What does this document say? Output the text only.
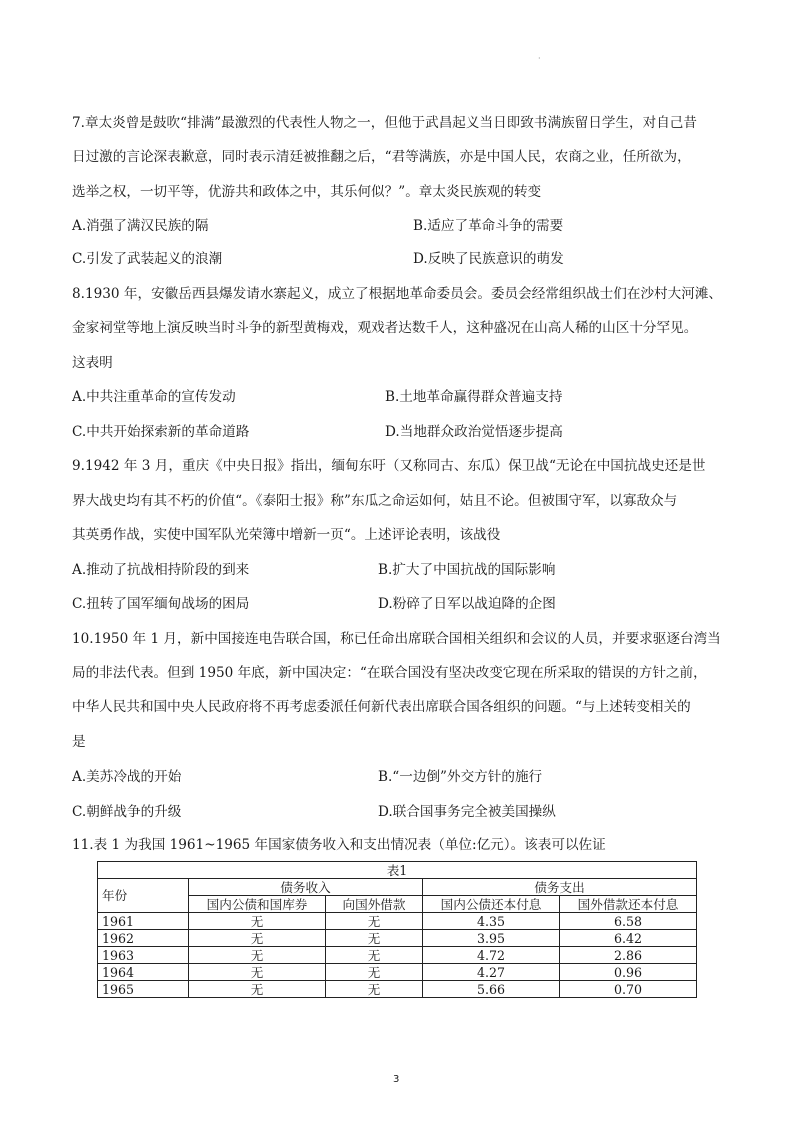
·
7.章太炎曾是鼓吹“排满”最激烈的代表性人物之一，但他于武昌起义当日即致书满族留日学生，对自己昔
日过激的言论深表歉意，同时表示清廷被推翻之后，“君等满族，亦是中国人民，农商之业，任所欲为，
选举之权，一切平等，优游共和政体之中，其乐何似？”。章太炎民族观的转变
A.消强了满汉民族的隔	B.适应了革命斗争的需要
C.引发了武装起义的浪潮	D.反映了民族意识的萌发
8.1930 年，安徽岳西县爆发请水寨起义，成立了根据地革命委员会。委员会经常组织战士们在沙村大河滩、
金家祠堂等地上演反映当时斗争的新型黄梅戏，观戏者达数千人，这种盛况在山高人稀的山区十分罕见。
这表明
A.中共注重革命的宣传发动	B.土地革命赢得群众普遍支持
C.中共开始探索新的革命道路	D.当地群众政治觉悟逐步提高
9.1942 年 3 月，重庆《中央日报》指出，缅甸东吁（又称同古、东瓜）保卫战“无论在中国抗战史还是世
界大战史均有其不朽的价值“。《泰阳士报》称”东瓜之命运如何，姑且不论。但被围守军，以寡敌众与
其英勇作战，实使中国军队光荣簿中增新一页“。上述评论表明，该战役
A.推动了抗战相持阶段的到来	B.扩大了中国抗战的国际影响
C.扭转了国军缅甸战场的困局	D.粉碎了日军以战迫降的企图
10.1950 年 1 月，新中国接连电告联合国，称已任命出席联合国相关组织和会议的人员，并要求驱逐台湾当
局的非法代表。但到 1950 年底，新中国决定：“在联合国没有坚决改变它现在所采取的错误的方针之前，
中华人民共和国中央人民政府将不再考虑委派任何新代表出席联合国各组织的问题。“与上述转变相关的
是
A.美苏冷战的开始	B.“一边倒”外交方针的施行
C.朝鲜战争的升级	D.联合国事务完全被美国操纵
11.表 1 为我国 1961~1965 年国家债务收入和支出情况表（单位:亿元）。该表可以佐证
表1				
年份	债务收入		债务支出	
	国内公债和国库券	向国外借款	国内公债还本付息	国外借款还本付息
1961	无	无	4.35	6.58
1962	无	无	3.95	6.42
1963	无	无	4.72	2.86
1964	无	无	4.27	0.96
1965	无	无	5.66	0.70
3
